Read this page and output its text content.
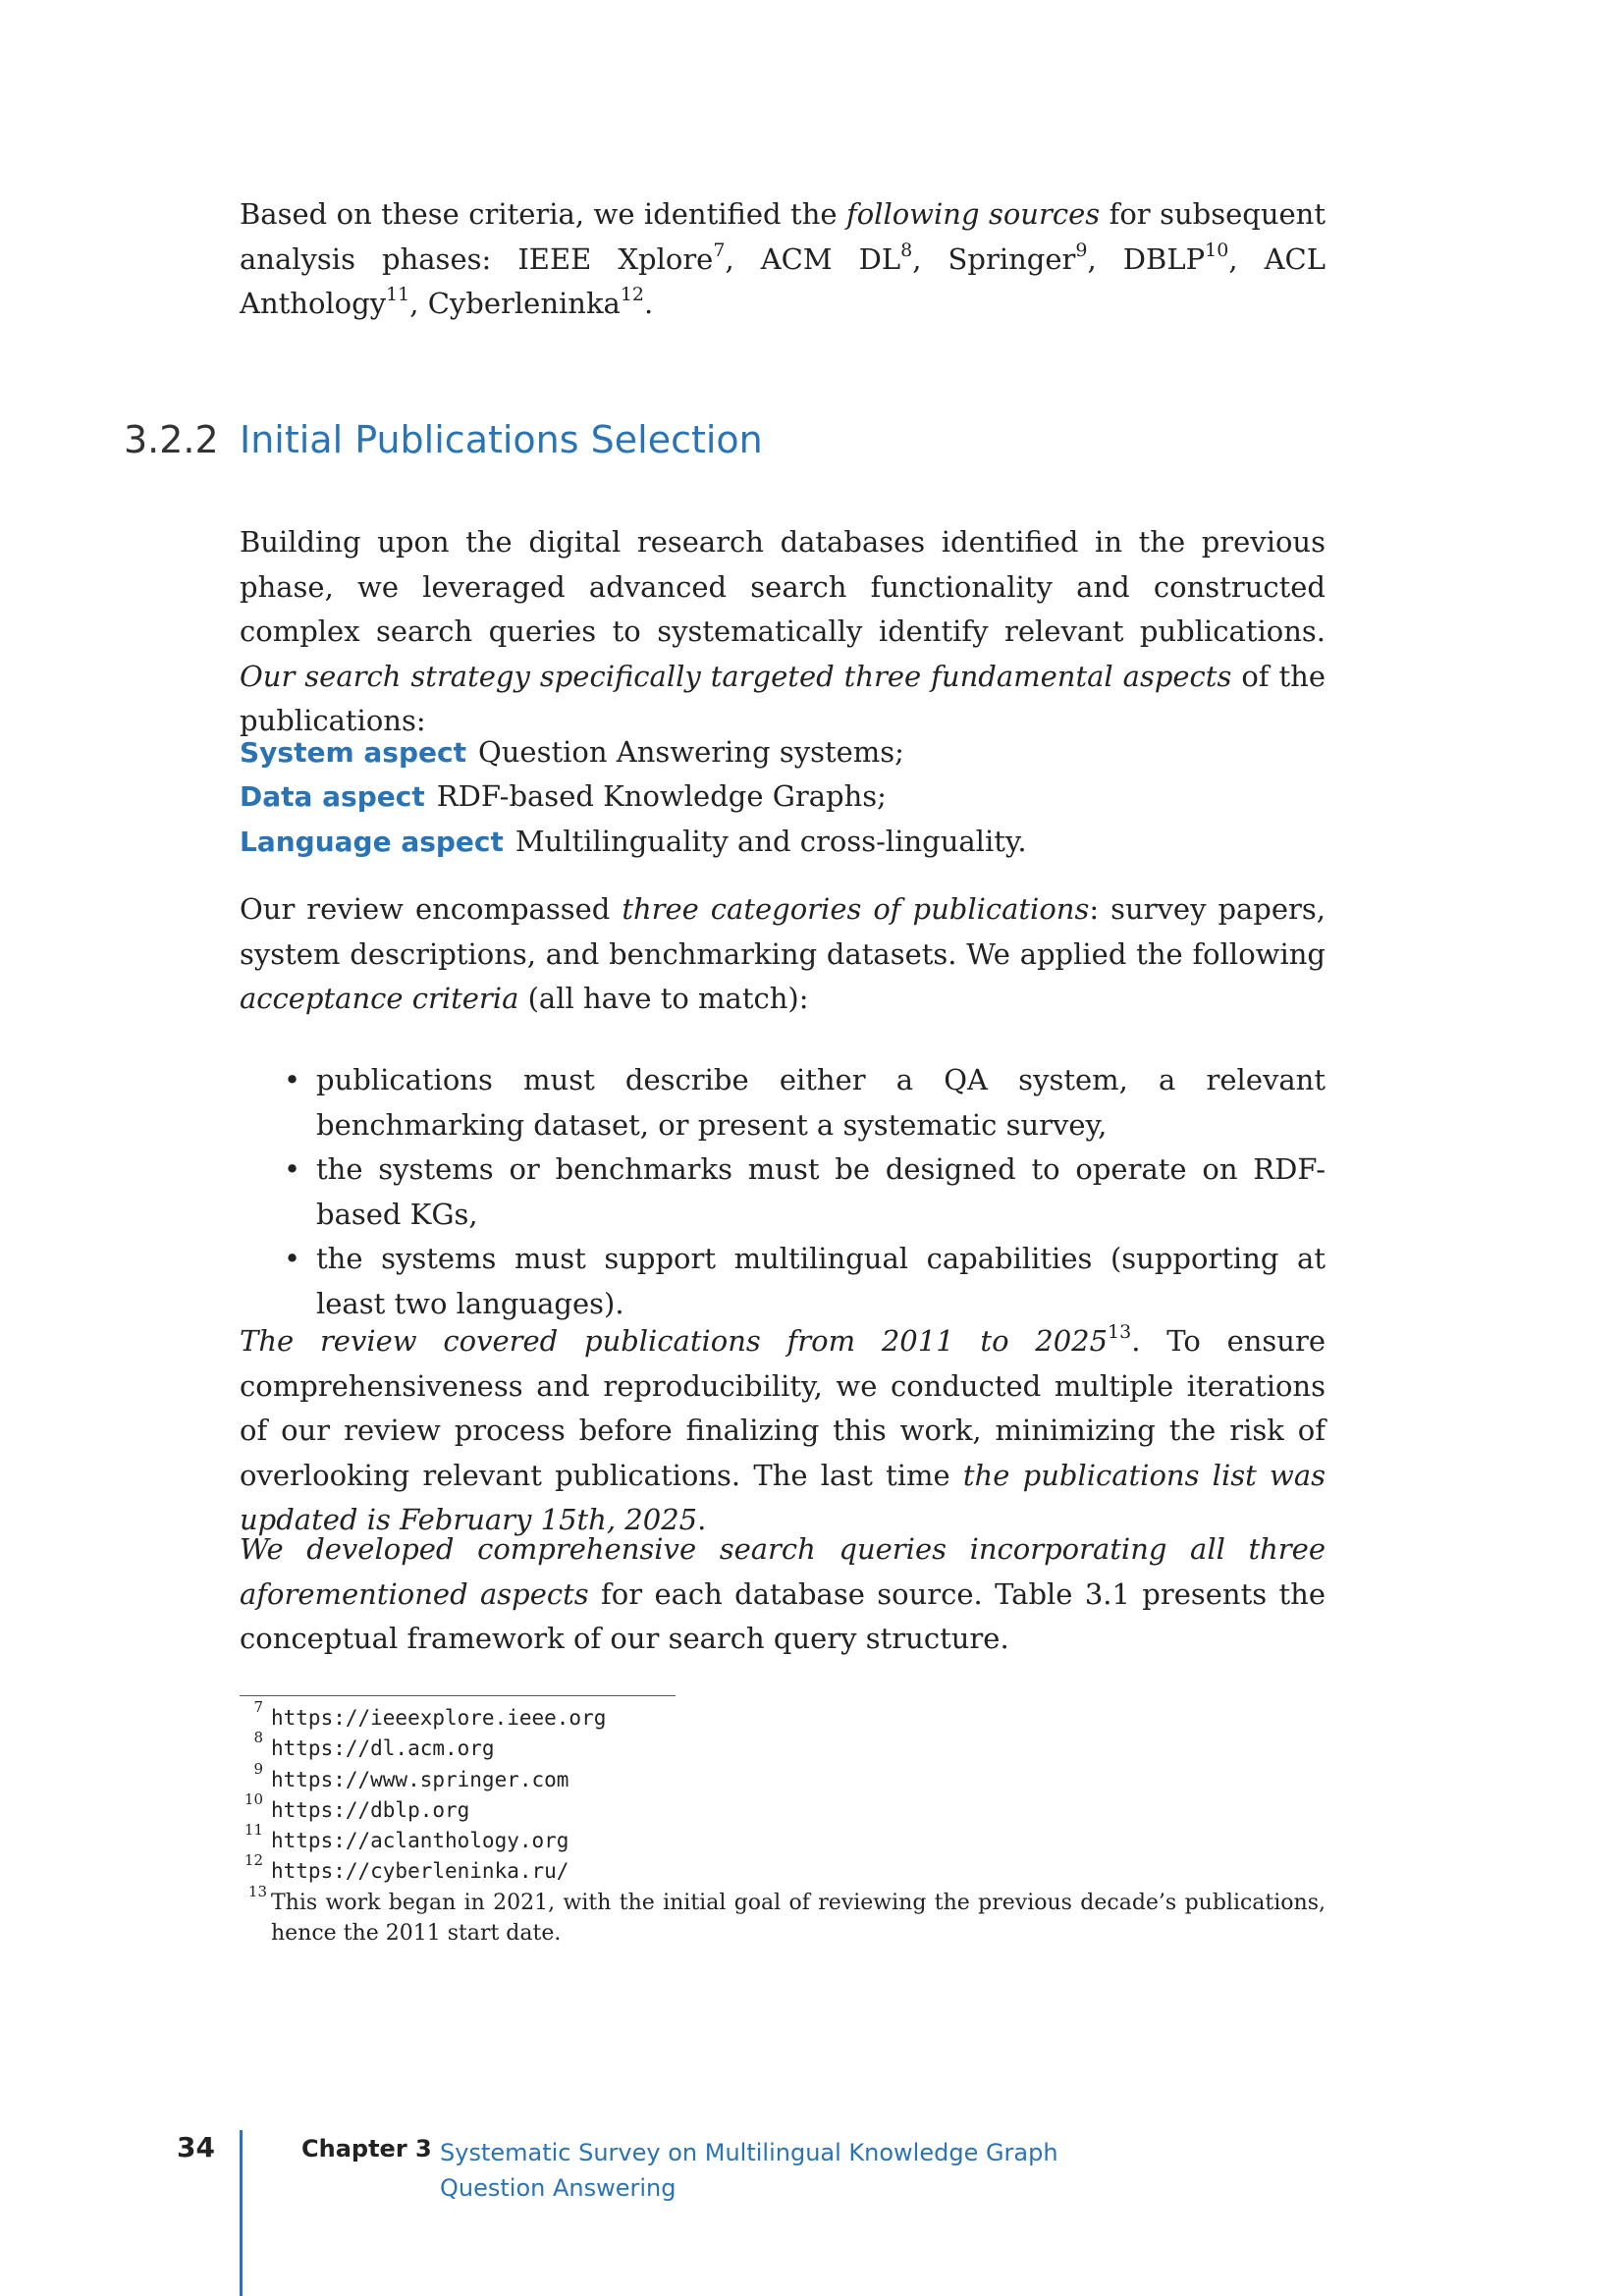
Based on these criteria, we identified the following sources for subsequent analysis phases: IEEE Xplore$^7$, ACM $DL^8$, Springer$^9$, DBLP$^{10}$, ACL Anthology$^{11}$, Cyberleninka$^{12}$.
3.2.2 Initial Publications Selection
Building upon the digital research databases identified in the previous phase, we leveraged advanced search functionality and constructed complex search queries to systematically identify relevant publications. Our search strategy specifically targeted three fundamental aspects of the publications:
System aspect Question Answering systems;
Data aspect RDF-based Knowledge Graphs;
Language aspect Multilinguality and cross-linguality.
Our review encompassed three categories of publications: survey papers, system descriptions, and benchmarking datasets. We applied the following acceptance criteria (all have to match):
• publications must describe either a QA system, a relevant benchmarking dataset, or present a systematic survey,
• the systems or benchmarks must be designed to operate on RDF-based KGs,
• the systems must support multilingual capabilities (supporting at least two languages).
The review covered publications from 2011 to 2025$^{13}$. To ensure comprehensiveness and reproducibility, we conducted multiple iterations of our review process before finalizing this work, minimizing the risk of overlooking relevant publications. The last time the publications list was updated is February 15th, 2025.
We developed comprehensive search queries incorporating all three aforementioned aspects for each database source. Table 3.1 presents the conceptual framework of our search query structure.
7 https://ieeexplore.ieee.org
8 https://dl.acm.org
9 https://www.springer.com
10 https://dblp.org
11 https://aclanthology.org
12 https://cyberleninka.ru/
13 This work began in 2021, with the initial goal of reviewing the previous decade’s publications, hence the 2011 start date.
34	Chapter 3 Systematic Survey on Multilingual Knowledge Graph Question Answering
